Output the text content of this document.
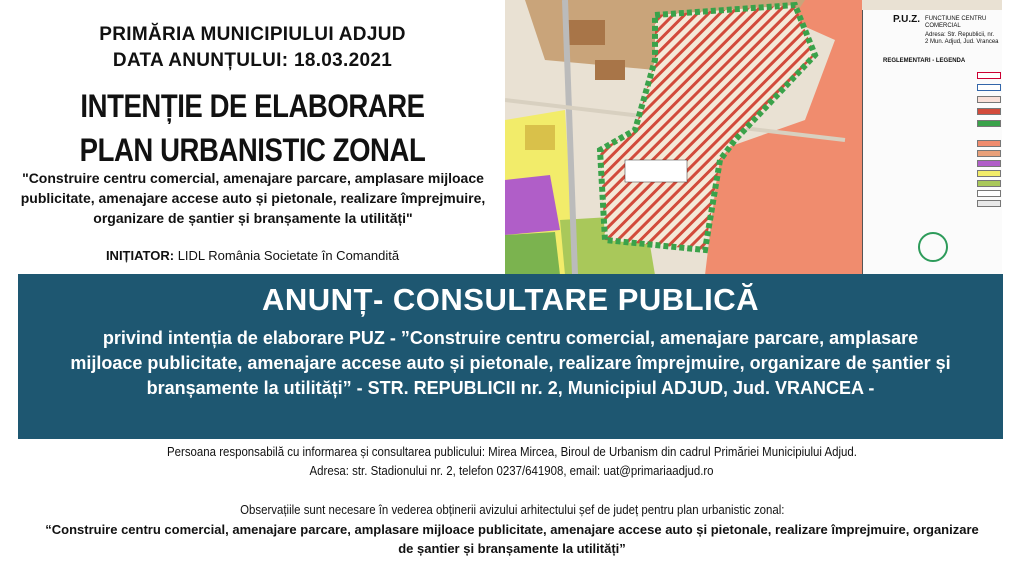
PRIMĂRIA MUNICIPIULUI ADJUD
DATA ANUNȚULUI: 18.03.2021
INTENȚIE DE ELABORARE
PLAN URBANISTIC ZONAL
"Construire centru comercial, amenajare parcare, amplasare mijloace publicitate, amenajare accese auto și pietonale, realizare împrejmuire, organizare de șantier și branșamente la utilități"
INIȚIATOR: LIDL România Societate în Comandită
P.U.Z. FUNCTIUNE CENTRU COMERCIAL
Adresa: Str. Republicii, nr. 2 Mun. Adjud, Jud. Vrancea
REGLEMENTARI - LEGENDA
ANUNȚ- CONSULTARE PUBLICĂ
privind intenția de elaborare PUZ - ”Construire centru comercial, amenajare parcare, amplasare mijloace publicitate, amenajare accese auto și pietonale, realizare împrejmuire, organizare de șantier și branșamente la utilități” - STR. REPUBLICII nr. 2, Municipiul ADJUD, Jud. VRANCEA -
Persoana responsabilă cu informarea și consultarea publicului: Mirea Mircea, Biroul de Urbanism din cadrul Primăriei Municipiului Adjud.
Adresa: str. Stadionului nr. 2, telefon 0237/641908, email: uat@primariaadjud.ro
Observațiile sunt necesare în vederea obținerii avizului arhitectului șef de județ pentru plan urbanistic zonal:
“Construire centru comercial, amenajare parcare, amplasare mijloace publicitate, amenajare accese auto și pietonale, realizare împrejmuire, organizare de șantier și branșamente la utilități”
